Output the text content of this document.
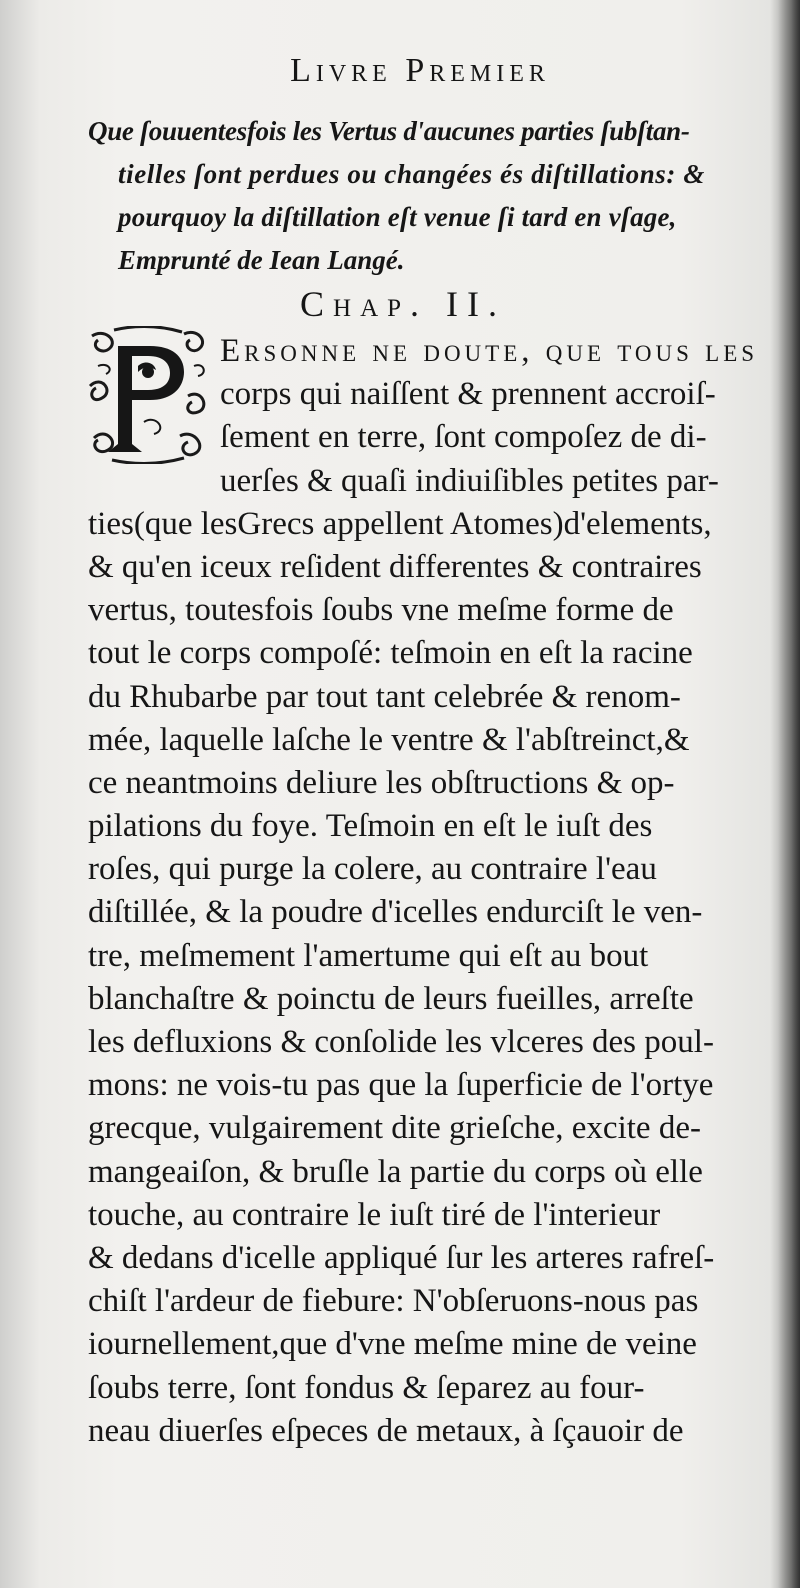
Livre Premier
Que ſouuentesfois les Vertus d'aucunes parties ſubſtan-
tielles ſont perdues ou changées és diſtillations: &
pourquoy la diſtillation eſt venue ſi tard en vſage,
Emprunté de Iean Langé.
Chap. II.
Ersonne ne doute, que tous les
corps qui naiſſent & prennent accroiſ-
ſement en terre, ſont compoſez de di-
uerſes & quaſi indiuiſibles petites par-
ties(que lesGrecs appellent Atomes)d'elements,
& qu'en iceux reſident differentes & contraires
vertus, toutesfois ſoubs vne meſme forme de
tout le corps compoſé: teſmoin en eſt la racine
du Rhubarbe par tout tant celebrée & renom-
mée, laquelle laſche le ventre & l'abſtreinct,&
ce neantmoins deliure les obſtructions & op-
pilations du foye. Teſmoin en eſt le iuſt des
roſes, qui purge la colere, au contraire l'eau
diſtillée, & la poudre d'icelles endurciſt le ven-
tre, meſmement l'amertume qui eſt au bout
blanchaſtre & poinctu de leurs fueilles, arreſte
les defluxions & conſolide les vlceres des poul-
mons: ne vois-tu pas que la ſuperficie de l'ortye
grecque, vulgairement dite grieſche, excite de-
mangeaiſon, & bruſle la partie du corps où elle
touche, au contraire le iuſt tiré de l'interieur
& dedans d'icelle appliqué ſur les arteres rafreſ-
chiſt l'ardeur de fiebure: N'obſeruons-nous pas
iournellement,que d'vne meſme mine de veine
ſoubs terre, ſont fondus & ſeparez au four-
neau diuerſes eſpeces de metaux, à ſçauoir de
